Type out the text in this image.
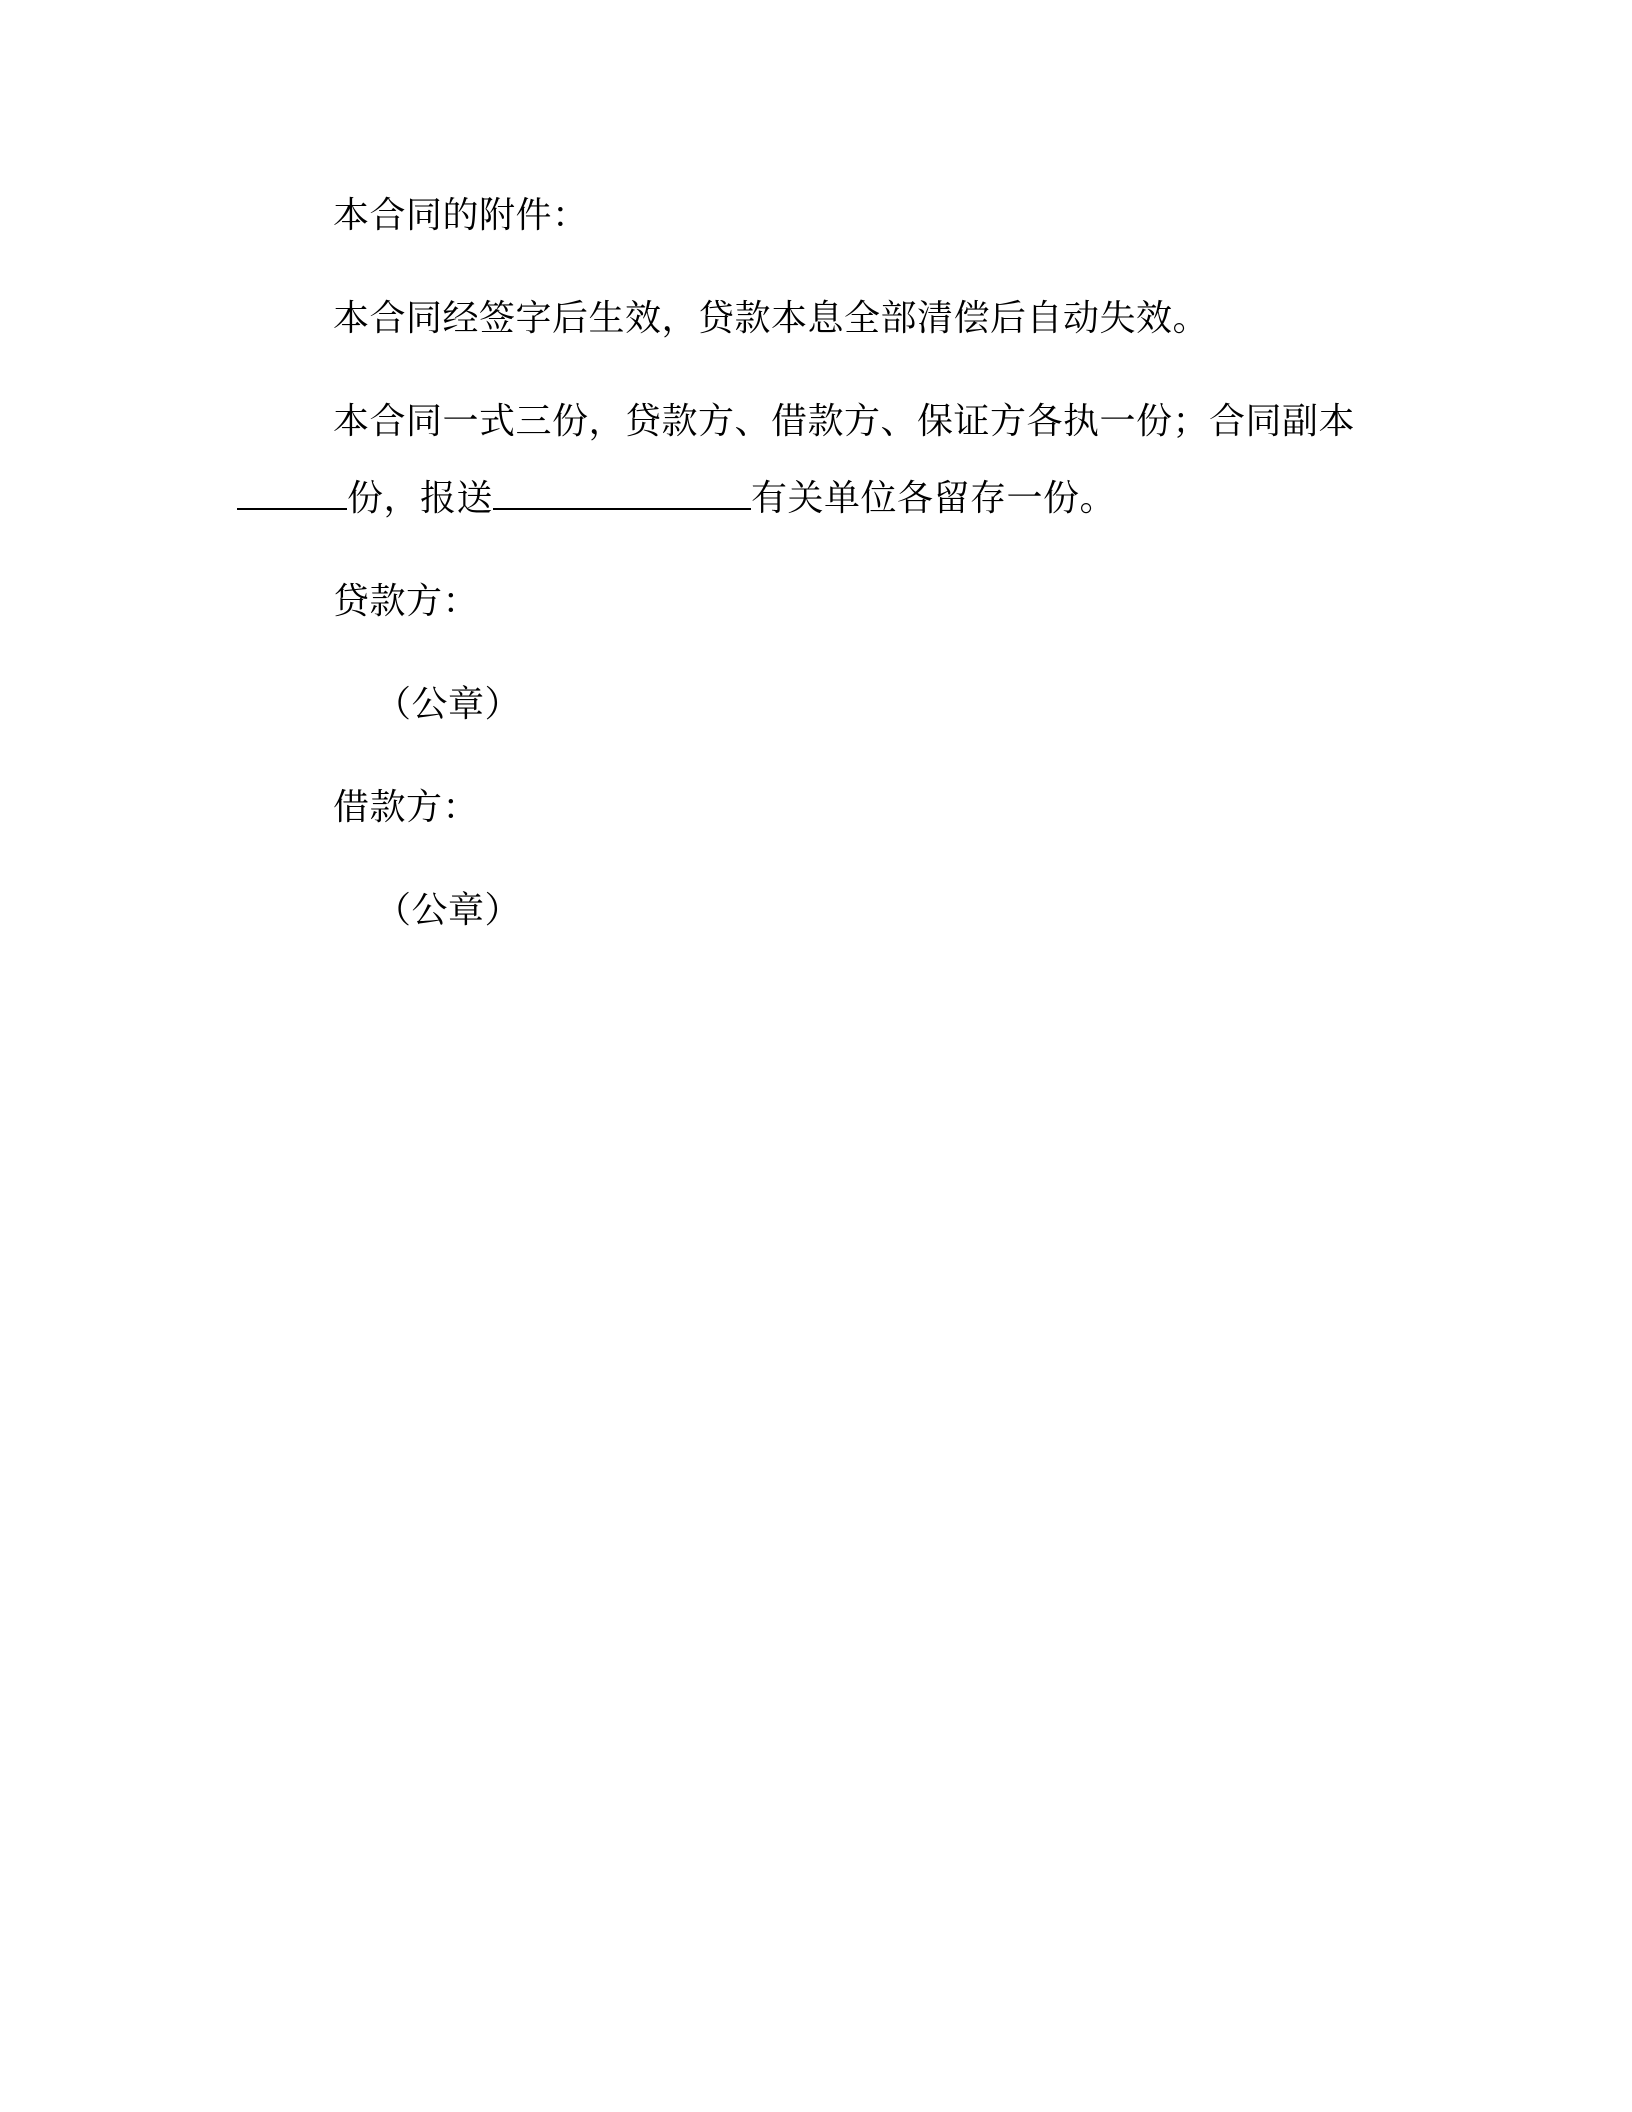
本合同的附件：
本合同经签字后生效，贷款本息全部清偿后自动失效。
本合同一式三份，贷款方、借款方、保证方各执一份；合同副本
份，报送	有关单位各留存一份。
贷款方：
（公章）
借款方：
（公章）
